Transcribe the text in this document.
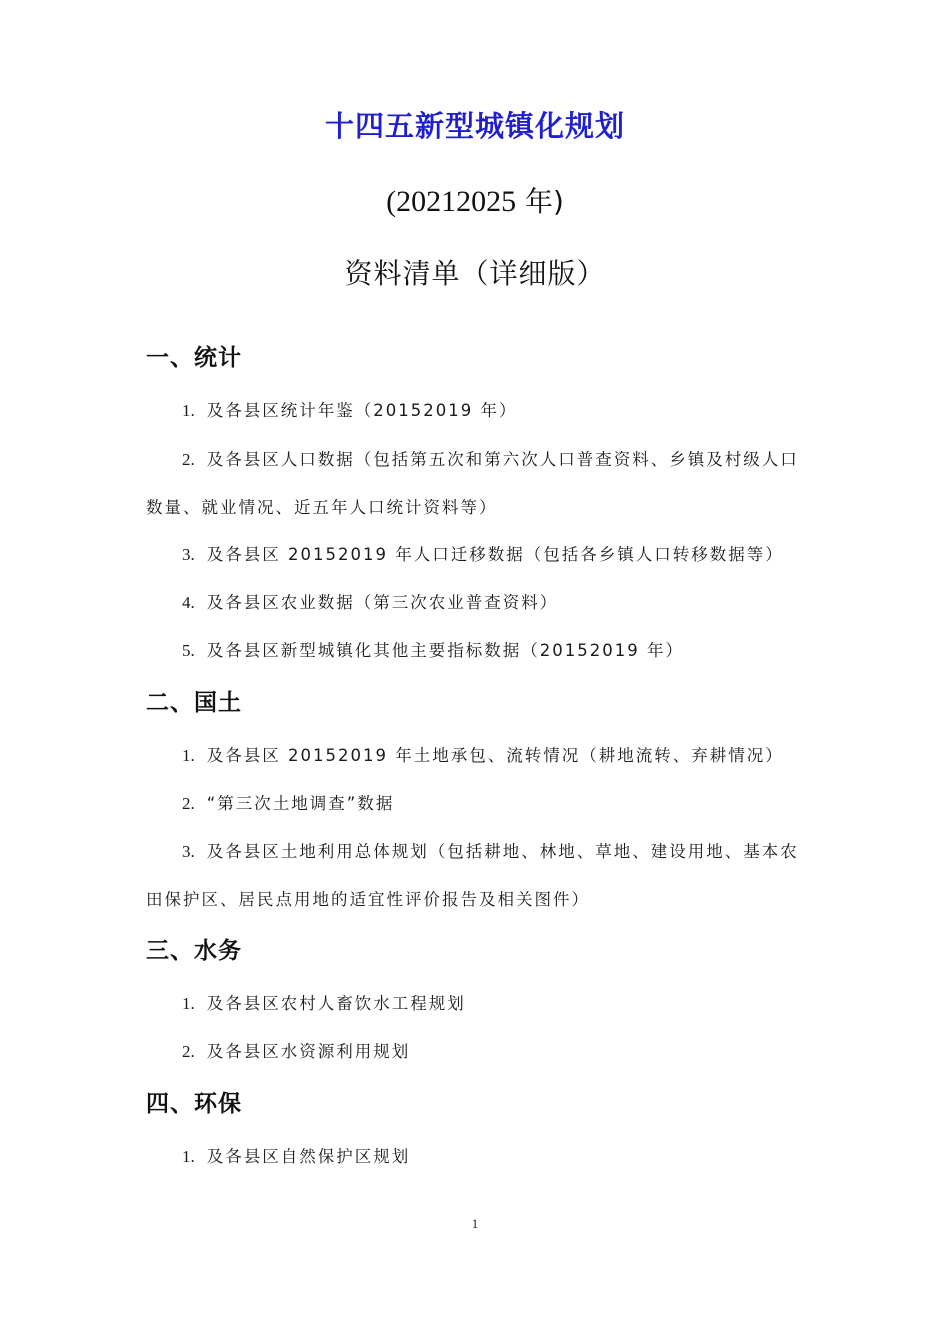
十四五新型城镇化规划
(20212025 年)
资料清单（详细版）
一、统计
1. 及各县区统计年鉴（20152019 年）
2. 及各县区人口数据（包括第五次和第六次人口普查资料、乡镇及村级人口数量、就业情况、近五年人口统计资料等）
3. 及各县区 20152019 年人口迁移数据（包括各乡镇人口转移数据等）
4. 及各县区农业数据（第三次农业普查资料）
5. 及各县区新型城镇化其他主要指标数据（20152019 年）
二、国土
1. 及各县区 20152019 年土地承包、流转情况（耕地流转、弃耕情况）
2. “第三次土地调查”数据
3. 及各县区土地利用总体规划（包括耕地、林地、草地、建设用地、基本农田保护区、居民点用地的适宜性评价报告及相关图件）
三、水务
1. 及各县区农村人畜饮水工程规划
2. 及各县区水资源利用规划
四、环保
1. 及各县区自然保护区规划
1
